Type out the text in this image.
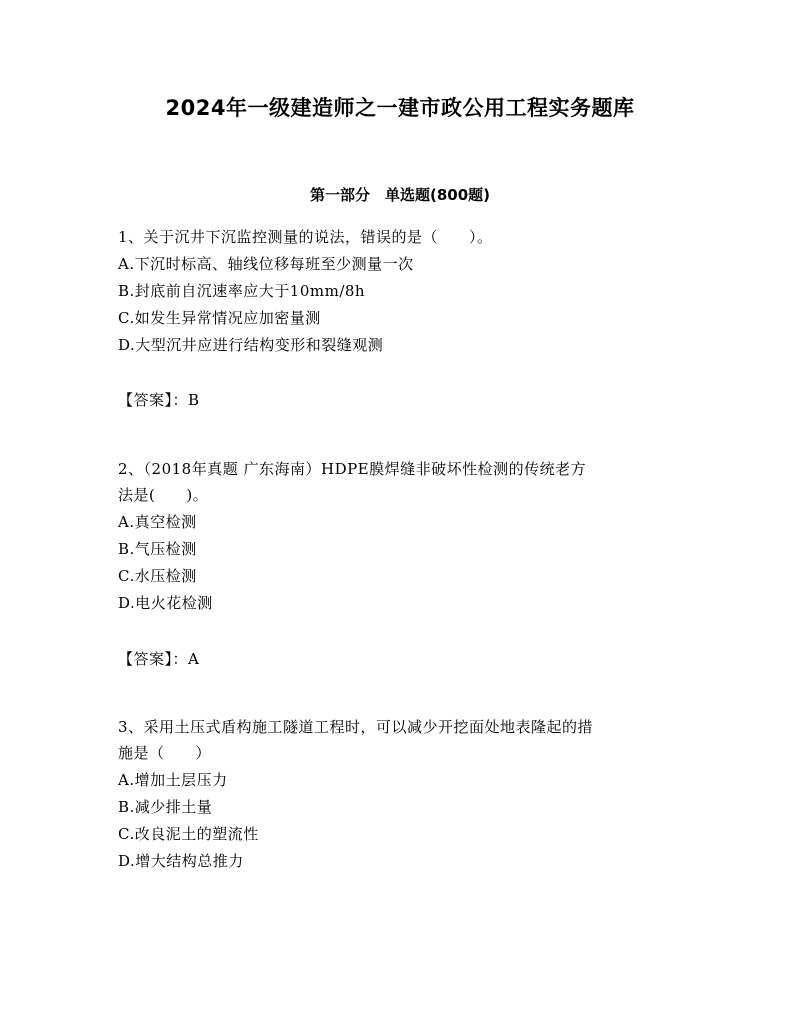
2024年一级建造师之一建市政公用工程实务题库
第一部分　单选题(800题)
1、关于沉井下沉监控测量的说法，错误的是（　　）。
A.下沉时标高、轴线位移每班至少测量一次
B.封底前自沉速率应大于10mm/8h
C.如发生异常情况应加密量测
D.大型沉井应进行结构变形和裂缝观测
【答案】：B
2、（2018年真题 广东海南）HDPE膜焊缝非破坏性检测的传统老方
法是(　　)。
A.真空检测
B.气压检测
C.水压检测
D.电火花检测
【答案】：A
3、采用土压式盾构施工隧道工程时，可以减少开挖面处地表隆起的措
施是（　　）
A.增加土层压力
B.减少排土量
C.改良泥土的塑流性
D.增大结构总推力
